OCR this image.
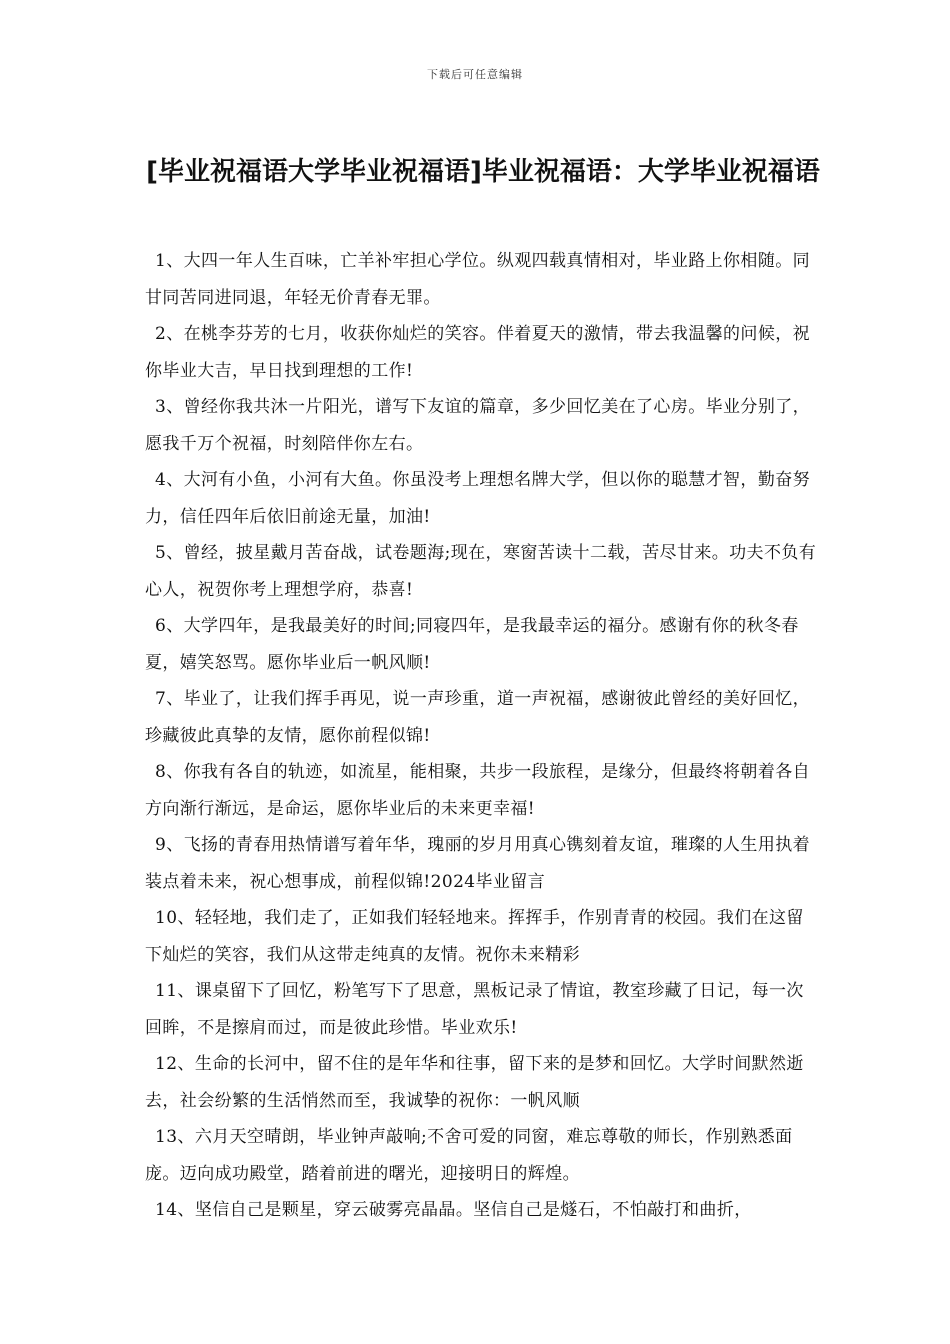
下载后可任意编辑
[毕业祝福语大学毕业祝福语]毕业祝福语：大学毕业祝福语

1、大四一年人生百味，亡羊补牢担心学位。纵观四载真情相对，毕业路上你相随。同甘同苦同进同退，年轻无价青春无罪。

2、在桃李芬芳的七月，收获你灿烂的笑容。伴着夏天的激情，带去我温馨的问候，祝你毕业大吉，早日找到理想的工作!

3、曾经你我共沐一片阳光，谱写下友谊的篇章，多少回忆美在了心房。毕业分别了，愿我千万个祝福，时刻陪伴你左右。

4、大河有小鱼，小河有大鱼。你虽没考上理想名牌大学，但以你的聪慧才智，勤奋努力，信任四年后依旧前途无量，加油!

5、曾经，披星戴月苦奋战，试卷题海;现在，寒窗苦读十二载，苦尽甘来。功夫不负有心人，祝贺你考上理想学府，恭喜!

6、大学四年，是我最美好的时间;同寝四年，是我最幸运的福分。感谢有你的秋冬春夏，嬉笑怒骂。愿你毕业后一帆风顺!

7、毕业了，让我们挥手再见，说一声珍重，道一声祝福，感谢彼此曾经的美好回忆，珍藏彼此真挚的友情，愿你前程似锦!

8、你我有各自的轨迹，如流星，能相聚，共步一段旅程，是缘分，但最终将朝着各自方向渐行渐远，是命运，愿你毕业后的未来更幸福!

9、飞扬的青春用热情谱写着年华，瑰丽的岁月用真心镌刻着友谊，璀璨的人生用执着装点着未来，祝心想事成，前程似锦!2024毕业留言

10、轻轻地，我们走了，正如我们轻轻地来。挥挥手，作别青青的校园。我们在这留下灿烂的笑容，我们从这带走纯真的友情。祝你未来精彩

11、课桌留下了回忆，粉笔写下了思意，黑板记录了情谊，教室珍藏了日记，每一次回眸，不是擦肩而过，而是彼此珍惜。毕业欢乐!

12、生命的长河中，留不住的是年华和往事，留下来的是梦和回忆。大学时间默然逝去，社会纷繁的生活悄然而至，我诚挚的祝你：一帆风顺

13、六月天空晴朗，毕业钟声敲响;不舍可爱的同窗，难忘尊敬的师长，作别熟悉面庞。迈向成功殿堂，踏着前进的曙光，迎接明日的辉煌。

14、坚信自己是颗星，穿云破雾亮晶晶。坚信自己是燧石，不怕敲打和曲折，
